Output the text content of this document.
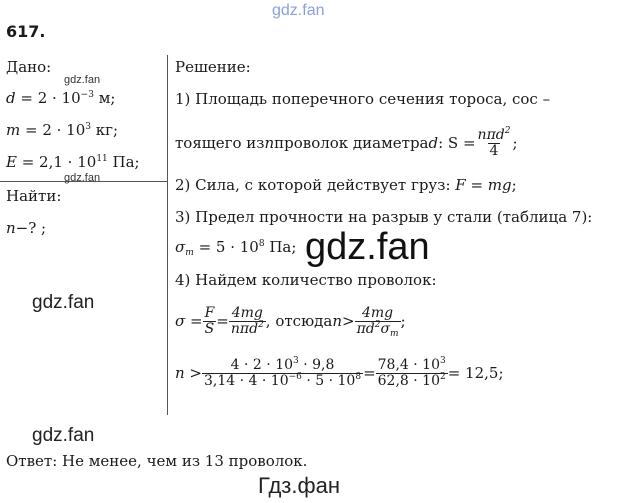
gdz.fan
617.
Дано:
gdz.fan
$d = 2 \cdot 10^{-3}$ м;
$m = 2 \cdot 10^3$ кг;
$E = 2,1 \cdot 10^{11}$ Па;
gdz.fan
Найти:
n−? ;
Решение:
1) Площадь поперечного сечения тороса, сос –
тоящего из n проволок диаметра d : $S = \frac{n\pi d^2}{4}$ ;
2) Сила, с которой действует груз: F = mg;
3) Предел прочности на разрыв у стали (таблица 7):
$\sigma_m = 5 \cdot 10^8$ Па; gdz.fan
4) Найдем количество проволок:
gdz.fan
$\sigma = \frac{F}{S} = \frac{4mg}{n\pi d^2}$ , отсюда $n > \frac{4mg}{\pi d^2\sigma_m}$ ;
$n > \frac{4 \cdot 2 \cdot 10^3 \cdot 9,8}{3,14 \cdot 4 \cdot 10^{-6} \cdot 5 \cdot 10^8} = \frac{78,4 \cdot 10^3}{62,8 \cdot 10^2} = 12,5$;
gdz.fan
Ответ: Не менее, чем из 13 проволок.
Гдз.фан
